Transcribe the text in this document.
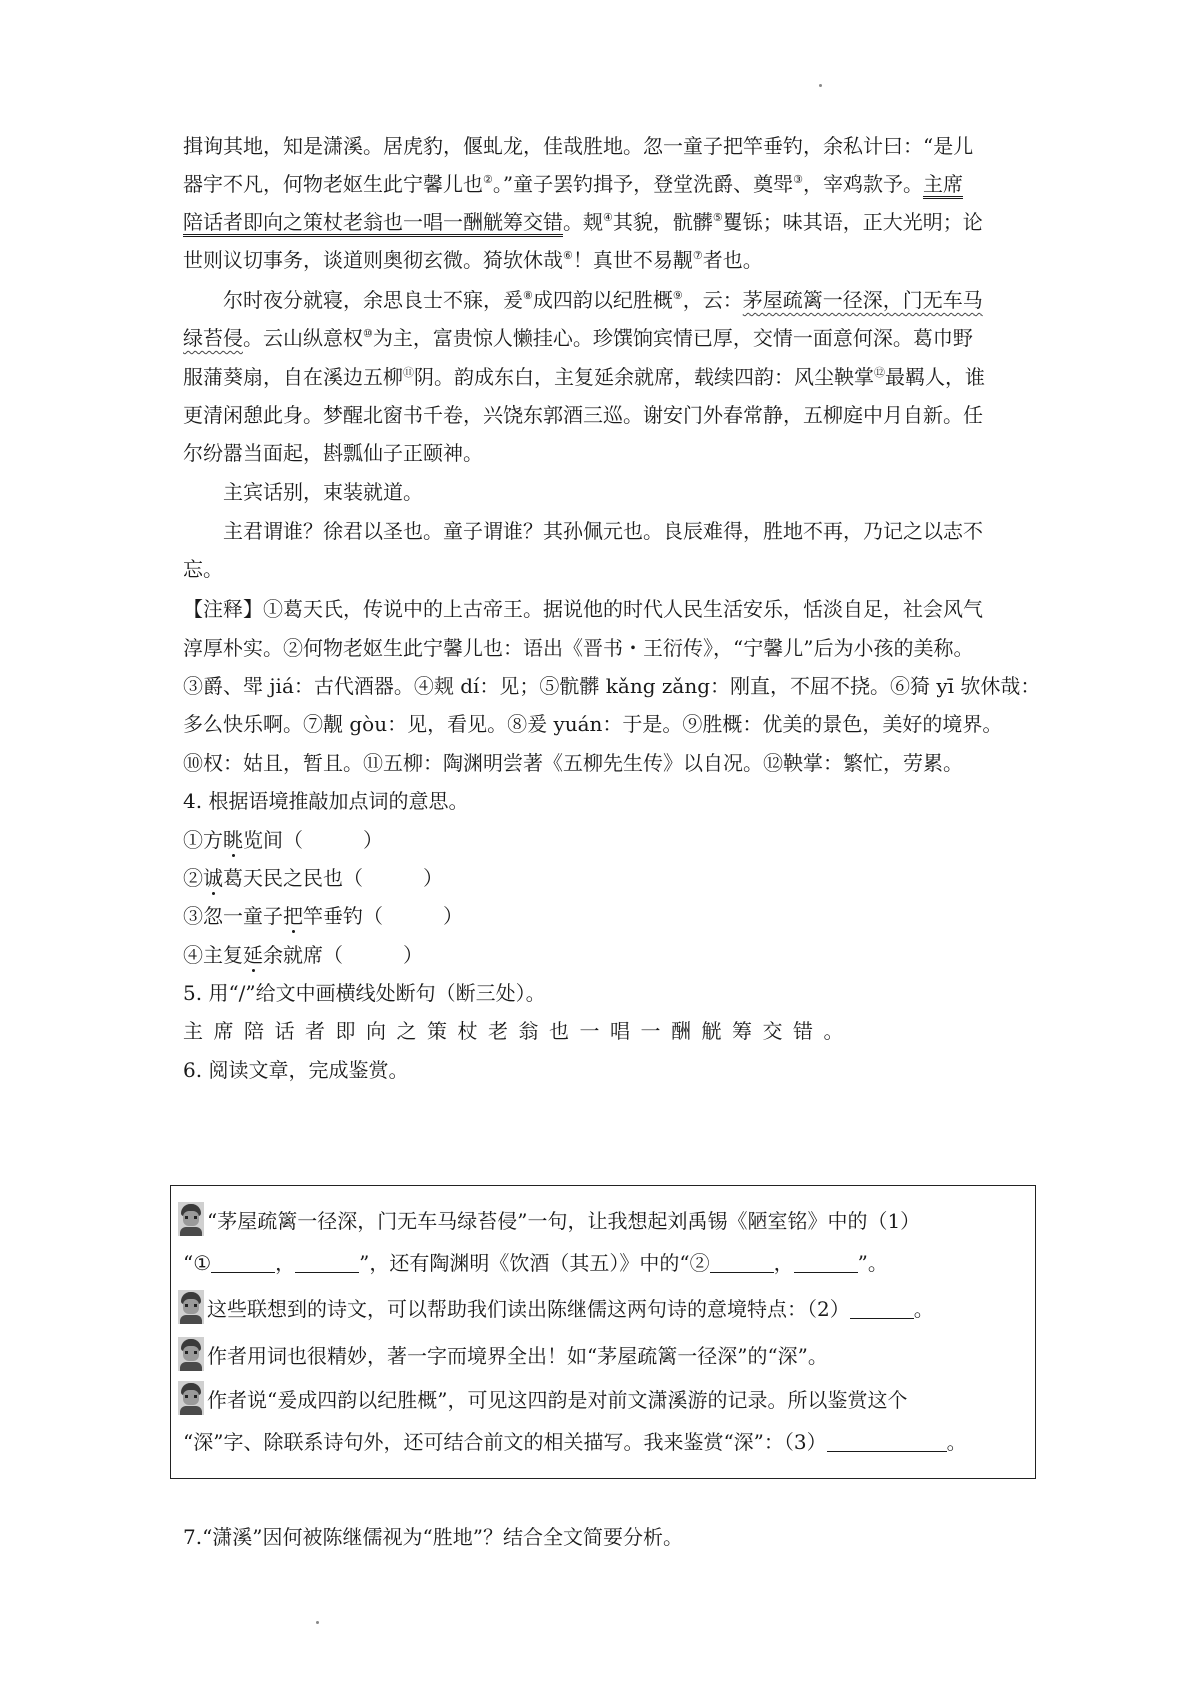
揖询其地，知是潇溪。居虎豹，偃虬龙，佳哉胜地。忽一童子把竿垂钓，余私计曰：“是儿
器宇不凡，何物老妪生此宁馨儿也②。”童子罢钓揖予，登堂洗爵、奠斝③，宰鸡款予。主席
陪话者即向之策杖老翁也一唱一酬觥筹交错。觌④其貌，骯髒⑤矍铄；味其语，正大光明；论
世则议切事务，谈道则奥彻玄微。猗欤休哉⑥！真世不易觏⑦者也。
尔时夜分就寝，余思良士不寐，爰⑧成四韵以纪胜概⑨，云：茅屋疏篱一径深，门无车马
绿苔侵。云山纵意权⑩为主，富贵惊人懒挂心。珍馔饷宾情已厚，交情一面意何深。葛巾野
服蒲葵扇，自在溪边五柳⑪阴。韵成东白，主复延余就席，载续四韵：风尘鞅掌⑫最羁人，谁
更清闲憩此身。梦醒北窗书千卷，兴饶东郭酒三巡。谢安门外春常静，五柳庭中月自新。任
尔纷嚣当面起，斟瓢仙子正颐神。
主宾话别，束装就道。
主君谓谁？徐君以圣也。童子谓谁？其孙佩元也。良辰难得，胜地不再，乃记之以志不
忘。
【注释】①葛天氏，传说中的上古帝王。据说他的时代人民生活安乐，恬淡自足，社会风气
淳厚朴实。②何物老妪生此宁馨儿也：语出《晋书・王衍传》，“宁馨儿”后为小孩的美称。
③爵、斝 jiá：古代酒器。④觌 dí：见；⑤骯髒 kǎng zǎng：刚直，不屈不挠。⑥猗 yī 欤休哉：
多么快乐啊。⑦觏 gòu：见，看见。⑧爰 yuán：于是。⑨胜概：优美的景色，美好的境界。
⑩权：姑且，暂且。⑪五柳：陶渊明尝著《五柳先生传》以自况。⑫鞅掌：繁忙，劳累。
4. 根据语境推敲加点词的意思。
①方眺览间（　　　）
②诚葛天民之民也（　　　）
③忽一童子把竿垂钓（　　　）
④主复延余就席（　　　）
5. 用“/”给文中画横线处断句（断三处）。
主席陪话者即向之策杖老翁也一唱一酬觥筹交错。
6. 阅读文章，完成鉴赏。
“茅屋疏篱一径深，门无车马绿苔侵”一句，让我想起刘禹锡《陋室铭》中的（1）
“①	，	”，还有陶渊明《饮酒（其五）》中的“②	，	”。
这些联想到的诗文，可以帮助我们读出陈继儒这两句诗的意境特点：（2）	。
作者用词也很精妙，著一字而境界全出！如“茅屋疏篱一径深”的“深”。
作者说“爰成四韵以纪胜概”，可见这四韵是对前文潇溪游的记录。所以鉴赏这个
“深”字、除联系诗句外，还可结合前文的相关描写。我来鉴赏“深”：（3）	。
7.“潇溪”因何被陈继儒视为“胜地”？结合全文简要分析。
